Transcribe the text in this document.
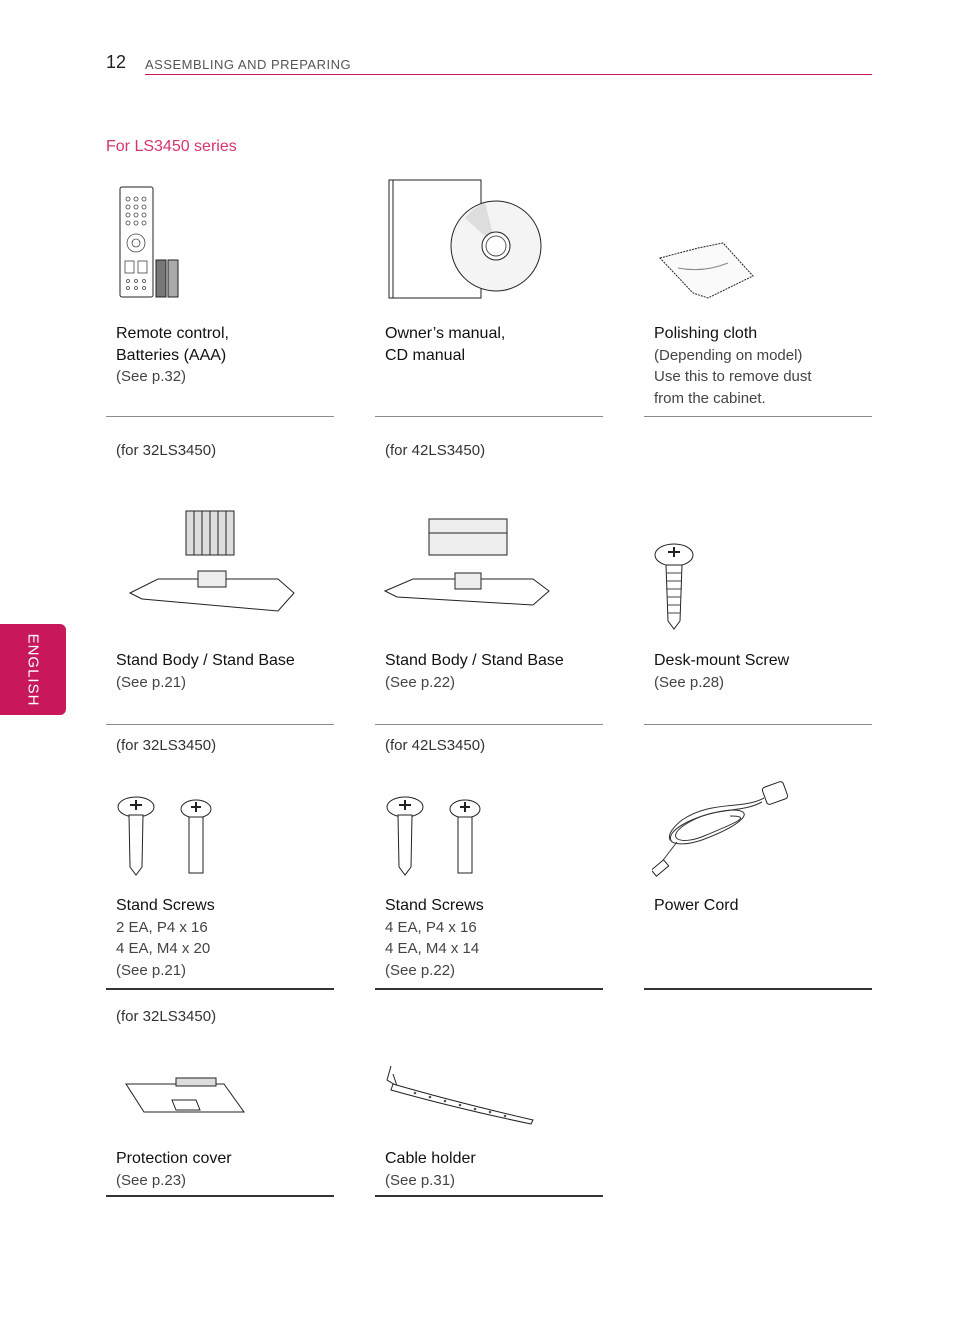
12 ASSEMBLING AND PREPARING
For LS3450 series
ENGLISH
Remote control,
Batteries (AAA)
(See p.32)
Owner’s manual,
CD manual
Polishing cloth
(Depending on model)
Use this to remove dust
from the cabinet.
(for 32LS3450)
Stand Body / Stand Base
(See p.21)
(for 42LS3450)
Stand Body / Stand Base
(See p.22)
Desk-mount Screw
(See p.28)
(for 32LS3450)
Stand Screws
2 EA, P4 x 16
4 EA, M4 x 20
(See p.21)
(for 42LS3450)
Stand Screws
4 EA, P4 x 16
4 EA, M4 x 14
(See p.22)
Power Cord
(for 32LS3450)
Protection cover
(See p.23)
Cable holder
(See p.31)
